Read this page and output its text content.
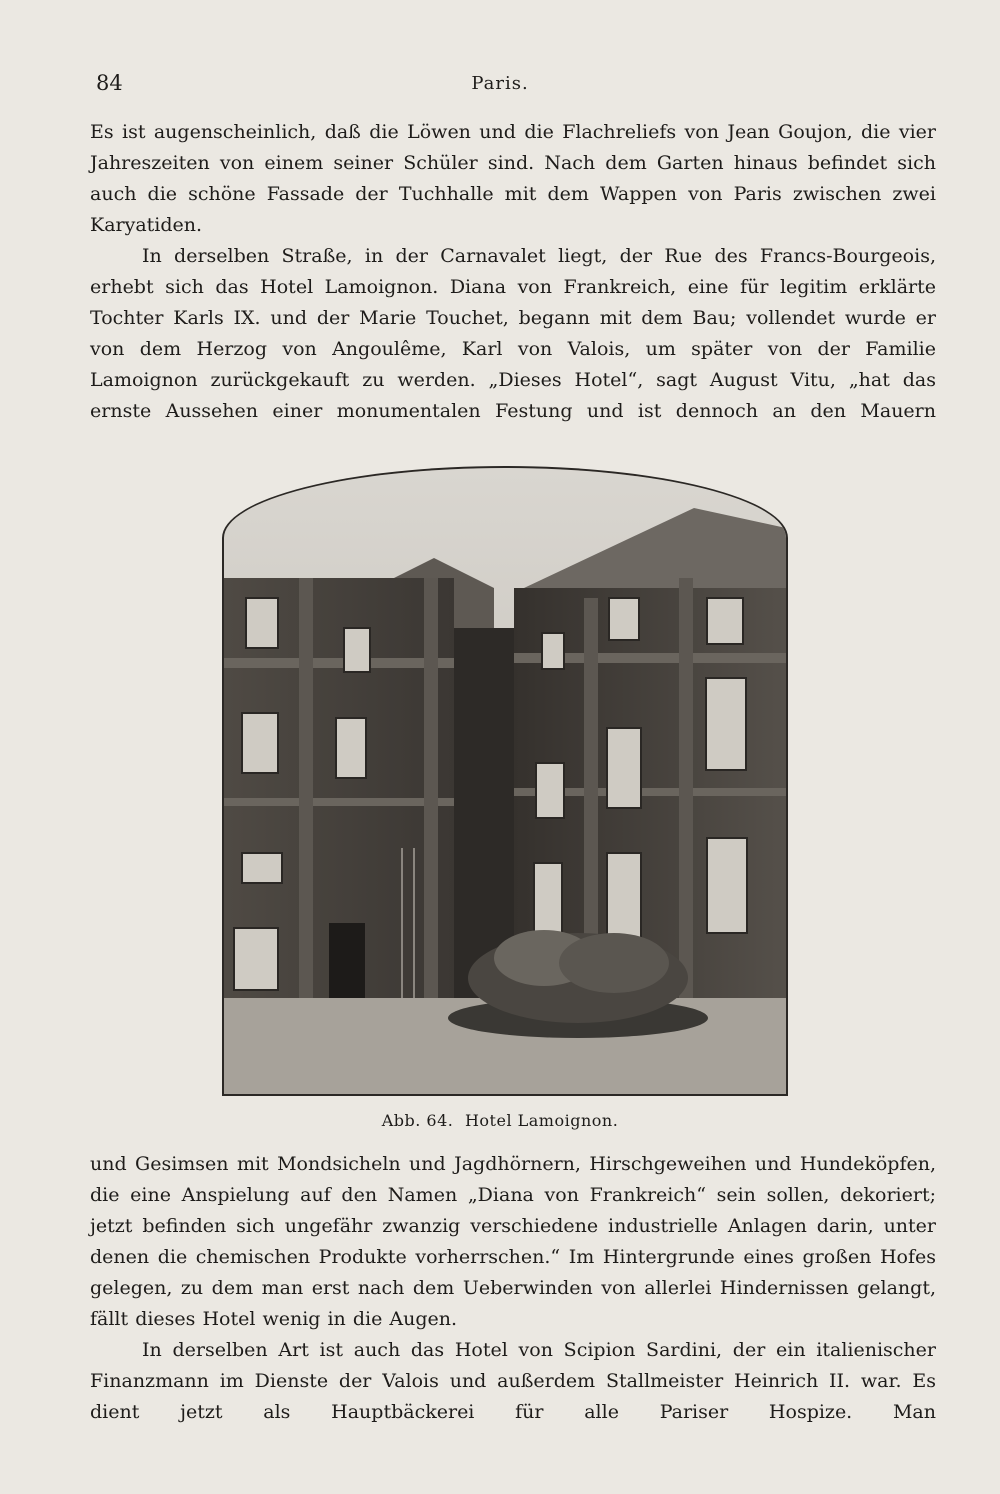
84	Paris.

Es ist augenscheinlich, daß die Löwen und die Flachreliefs von Jean Goujon, die vier Jahreszeiten von einem seiner Schüler sind. Nach dem Garten hinaus befindet sich auch die schöne Fassade der Tuchhalle mit dem Wappen von Paris zwischen zwei Karyatiden.

In derselben Straße, in der Carnavalet liegt, der Rue des Francs-Bourgeois, erhebt sich das Hotel Lamoignon. Diana von Frankreich, eine für legitim erklärte Tochter Karls IX. und der Marie Touchet, begann mit dem Bau; vollendet wurde er von dem Herzog von Angoulême, Karl von Valois, um später von der Familie Lamoignon zurückgekauft zu werden. „Dieses Hotel“, sagt August Vitu, „hat das ernste Aussehen einer monumentalen Festung und ist dennoch an den Mauern

Abb. 64. Hotel Lamoignon.

und Gesimsen mit Mondsicheln und Jagdhörnern, Hirschgeweihen und Hundeköpfen, die eine Anspielung auf den Namen „Diana von Frankreich“ sein sollen, dekoriert; jetzt befinden sich ungefähr zwanzig verschiedene industrielle Anlagen darin, unter denen die chemischen Produkte vorherrschen.“ Im Hintergrunde eines großen Hofes gelegen, zu dem man erst nach dem Ueberwinden von allerlei Hindernissen gelangt, fällt dieses Hotel wenig in die Augen.

In derselben Art ist auch das Hotel von Scipion Sardini, der ein italienischer Finanzmann im Dienste der Valois und außerdem Stallmeister Heinrich II. war. Es dient jetzt als Hauptbäckerei für alle Pariser Hospize. Man
